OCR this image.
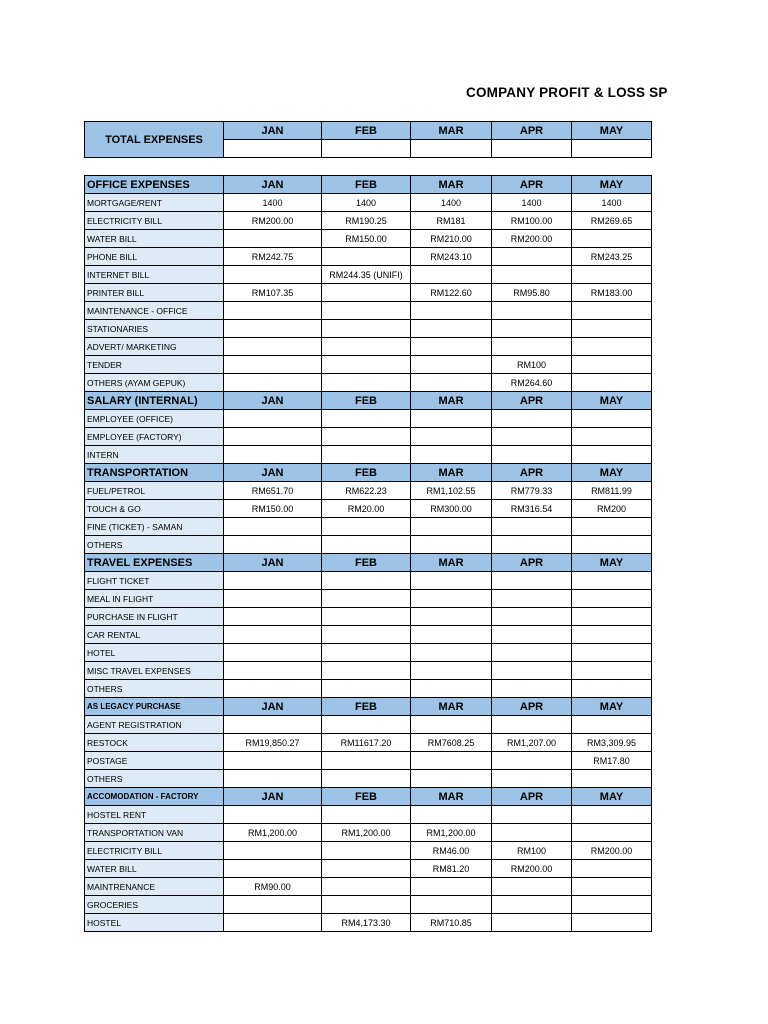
COMPANY PROFIT & LOSS SP
TOTAL EXPENSES	JAN	FEB	MAR	APR	MAY

OFFICE EXPENSES	JAN	FEB	MAR	APR	MAY
MORTGAGE/RENT	1400	1400	1400	1400	1400
ELECTRICITY BILL	RM200.00	RM190.25	RM181	RM100.00	RM269.65
WATER BILL		RM150.00	RM210.00	RM200.00	
PHONE BILL	RM242.75		RM243.10		RM243.25
INTERNET BILL		RM244.35 (UNIFI)			
PRINTER BILL	RM107.35		RM122.60	RM95.80	RM183.00
MAINTENANCE - OFFICE					
STATIONARIES					
ADVERT/ MARKETING					
TENDER				RM100	
OTHERS (AYAM GEPUK)				RM264.60	
SALARY (INTERNAL)	JAN	FEB	MAR	APR	MAY
EMPLOYEE (OFFICE)					
EMPLOYEE (FACTORY)					
INTERN					
TRANSPORTATION	JAN	FEB	MAR	APR	MAY
FUEL/PETROL	RM651.70	RM622.23	RM1,102.55	RM779.33	RM811.99
TOUCH & GO	RM150.00	RM20.00	RM300.00	RM316.54	RM200
FINE (TICKET) - SAMAN					
OTHERS					
TRAVEL EXPENSES	JAN	FEB	MAR	APR	MAY
FLIGHT TICKET					
MEAL IN FLIGHT					
PURCHASE IN FLIGHT					
CAR RENTAL					
HOTEL					
MISC TRAVEL EXPENSES					
OTHERS					
AS LEGACY PURCHASE	JAN	FEB	MAR	APR	MAY
AGENT REGISTRATION					
RESTOCK	RM19,850.27	RM11617.20	RM7608.25	RM1,207.00	RM3,309.95
POSTAGE					RM17.80
OTHERS					
ACCOMODATION - FACTORY	JAN	FEB	MAR	APR	MAY
HOSTEL RENT					
TRANSPORTATION VAN	RM1,200.00	RM1,200.00	RM1,200.00		
ELECTRICITY BILL			RM46.00	RM100	RM200.00
WATER BILL			RM81.20	RM200.00	
MAINTRENANCE	RM90.00				
GROCERIES					
HOSTEL		RM4,173.30	RM710.85		
